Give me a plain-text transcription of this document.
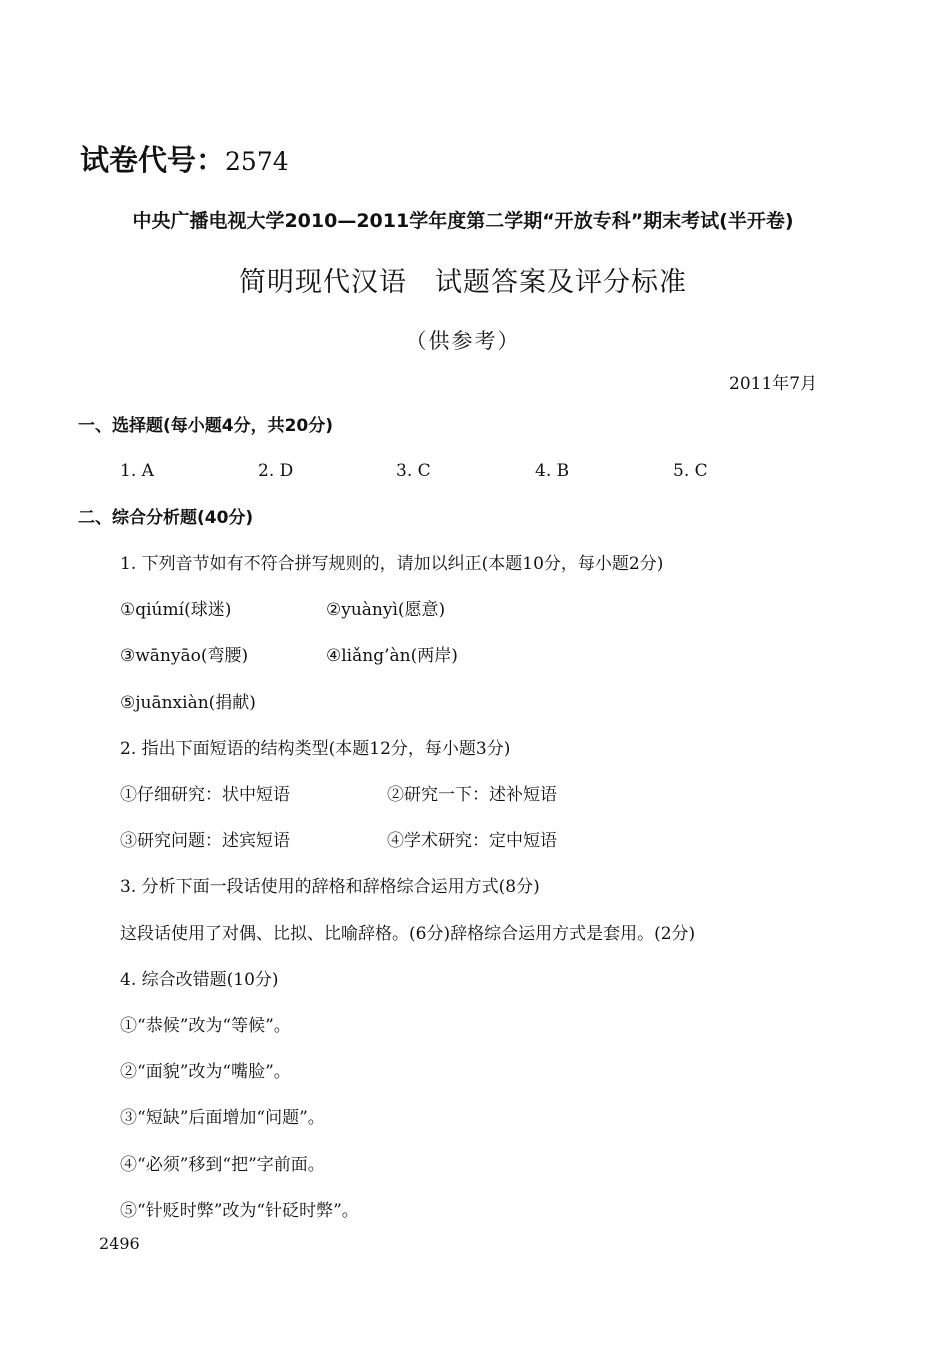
试卷代号：2574
中央广播电视大学2010—2011学年度第二学期“开放专科”期末考试(半开卷)
简明现代汉语　试题答案及评分标准
（供参考）
2011年7月
一、选择题(每小题4分，共20分)
1. A	2. D	3. C	4. B	5. C
二、综合分析题(40分)
1. 下列音节如有不符合拼写规则的，请加以纠正(本题10分，每小题2分)
①qiúmí(球迷)	②yuànyì(愿意)
③wānyāo(弯腰)	④liǎng’àn(两岸)
⑤juānxiàn(捐献)
2. 指出下面短语的结构类型(本题12分，每小题3分)
①仔细研究：状中短语	②研究一下：述补短语
③研究问题：述宾短语	④学术研究：定中短语
3. 分析下面一段话使用的辞格和辞格综合运用方式(8分)
这段话使用了对偶、比拟、比喻辞格。(6分)辞格综合运用方式是套用。(2分)
4. 综合改错题(10分)
①“恭候”改为“等候”。
②“面貌”改为“嘴脸”。
③“短缺”后面增加“问题”。
④“必须”移到“把”字前面。
⑤“针贬时弊”改为“针砭时弊”。
2496
